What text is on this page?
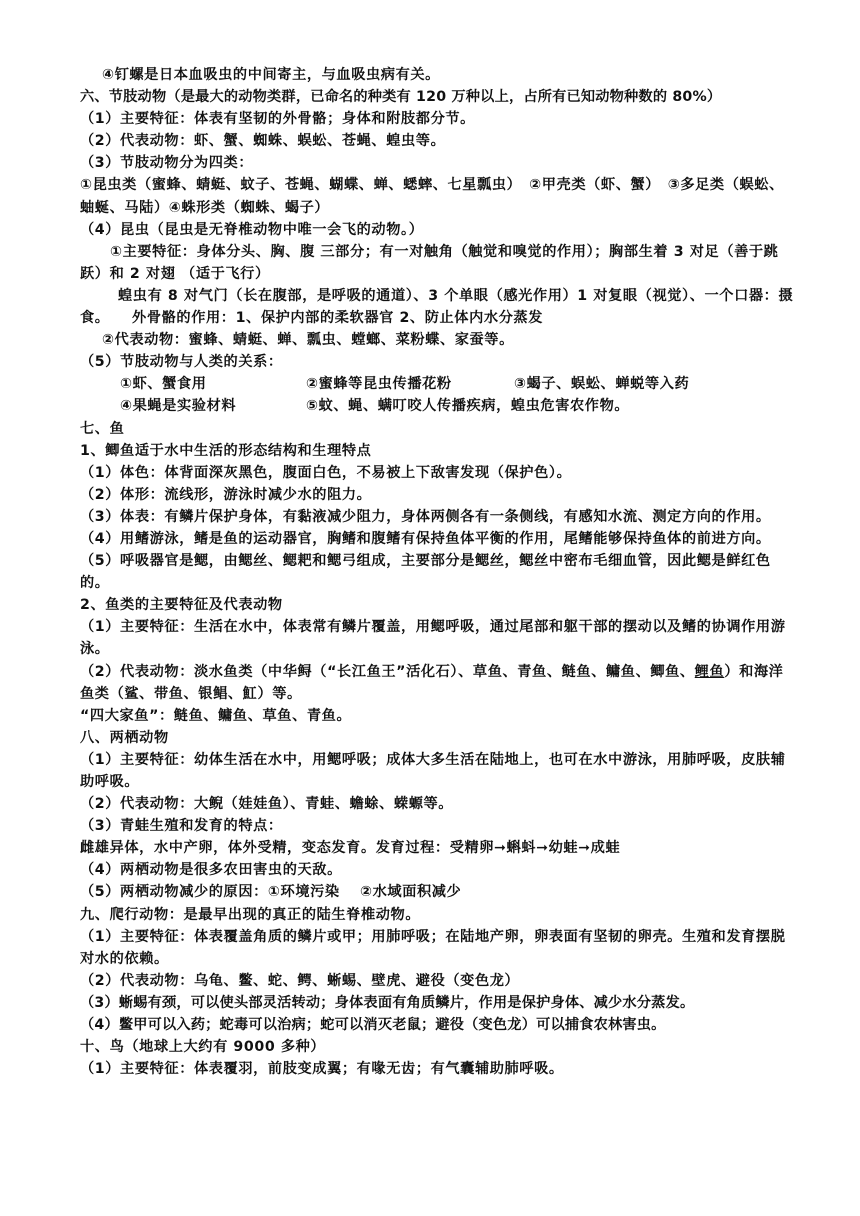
④钉螺是日本血吸虫的中间寄主，与血吸虫病有关。
六、节肢动物（是最大的动物类群，已命名的种类有 120 万种以上，占所有已知动物种数的 80%）
（1）主要特征：体表有坚韧的外骨骼；身体和附肢都分节。
（2）代表动物：虾、蟹、蜘蛛、蜈蚣、苍蝇、蝗虫等。
（3）节肢动物分为四类：
①昆虫类（蜜蜂、蜻蜓、蚊子、苍蝇、蝴蝶、蝉、蟋蟀、七星瓢虫）　②甲壳类（虾、蟹）　③多足类（蜈蚣、蚰蜒、马陆）④蛛形类（蜘蛛、蝎子）
（4）昆虫（昆虫是无脊椎动物中唯一会飞的动物。）
①主要特征：身体分头、胸、腹 三部分；有一对触角（触觉和嗅觉的作用）；胸部生着 3 对足（善于跳跃）和 2 对翅 （适于飞行）
蝗虫有 8 对气门（长在腹部，是呼吸的通道）、3 个单眼（感光作用）1 对复眼（视觉）、一个口器：摄食。　　外骨骼的作用：1、保护内部的柔软器官 2、防止体内水分蒸发
②代表动物：蜜蜂、蜻蜓、蝉、瓢虫、螳螂、菜粉蝶、家蚕等。
（5）节肢动物与人类的关系：
①虾、蟹食用	②蜜蜂等昆虫传播花粉	③蝎子、蜈蚣、蝉蜕等入药
④果蝇是实验材料	⑤蚊、蝇、螨叮咬人传播疾病，蝗虫危害农作物。
七、鱼
1、鲫鱼适于水中生活的形态结构和生理特点
（1）体色：体背面深灰黑色，腹面白色，不易被上下敌害发现（保护色）。
（2）体形：流线形，游泳时减少水的阻力。
（3）体表：有鳞片保护身体，有黏液减少阻力，身体两侧各有一条侧线，有感知水流、测定方向的作用。
（4）用鳍游泳，鳍是鱼的运动器官，胸鳍和腹鳍有保持鱼体平衡的作用，尾鳍能够保持鱼体的前进方向。
（5）呼吸器官是鳃，由鳃丝、鳃耙和鳃弓组成，主要部分是鳃丝，鳃丝中密布毛细血管，因此鳃是鲜红色的。
2、鱼类的主要特征及代表动物
（1）主要特征：生活在水中，体表常有鳞片覆盖，用鳃呼吸，通过尾部和躯干部的摆动以及鳍的协调作用游泳。
（2）代表动物：淡水鱼类（中华鲟（“长江鱼王”活化石）、草鱼、青鱼、鲢鱼、鳙鱼、鲫鱼、鲤鱼）和海洋鱼类（鲨、带鱼、银鲳、魟）等。
“四大家鱼”：鲢鱼、鳙鱼、草鱼、青鱼。
八、两栖动物
（1）主要特征：幼体生活在水中，用鳃呼吸；成体大多生活在陆地上，也可在水中游泳，用肺呼吸，皮肤辅助呼吸。
（2）代表动物：大鲵（娃娃鱼）、青蛙、蟾蜍、蝾螈等。
（3）青蛙生殖和发育的特点：
雌雄异体，水中产卵，体外受精，变态发育。发育过程：受精卵➞蝌蚪➞幼蛙➞成蛙
（4）两栖动物是很多农田害虫的天敌。
（5）两栖动物减少的原因：①环境污染　 ②水域面积减少
九、爬行动物：是最早出现的真正的陆生脊椎动物。
（1）主要特征：体表覆盖角质的鳞片或甲；用肺呼吸；在陆地产卵，卵表面有坚韧的卵壳。生殖和发育摆脱对水的依赖。
（2）代表动物：乌龟、鳖、蛇、鳄、蜥蜴、壁虎、避役（变色龙）
（3）蜥蜴有颈，可以使头部灵活转动；身体表面有角质鳞片，作用是保护身体、减少水分蒸发。
（4）鳖甲可以入药；蛇毒可以治病；蛇可以消灭老鼠；避役（变色龙）可以捕食农林害虫。
十、鸟（地球上大约有 9000 多种）
（1）主要特征：体表覆羽，前肢变成翼；有喙无齿；有气囊辅助肺呼吸。
